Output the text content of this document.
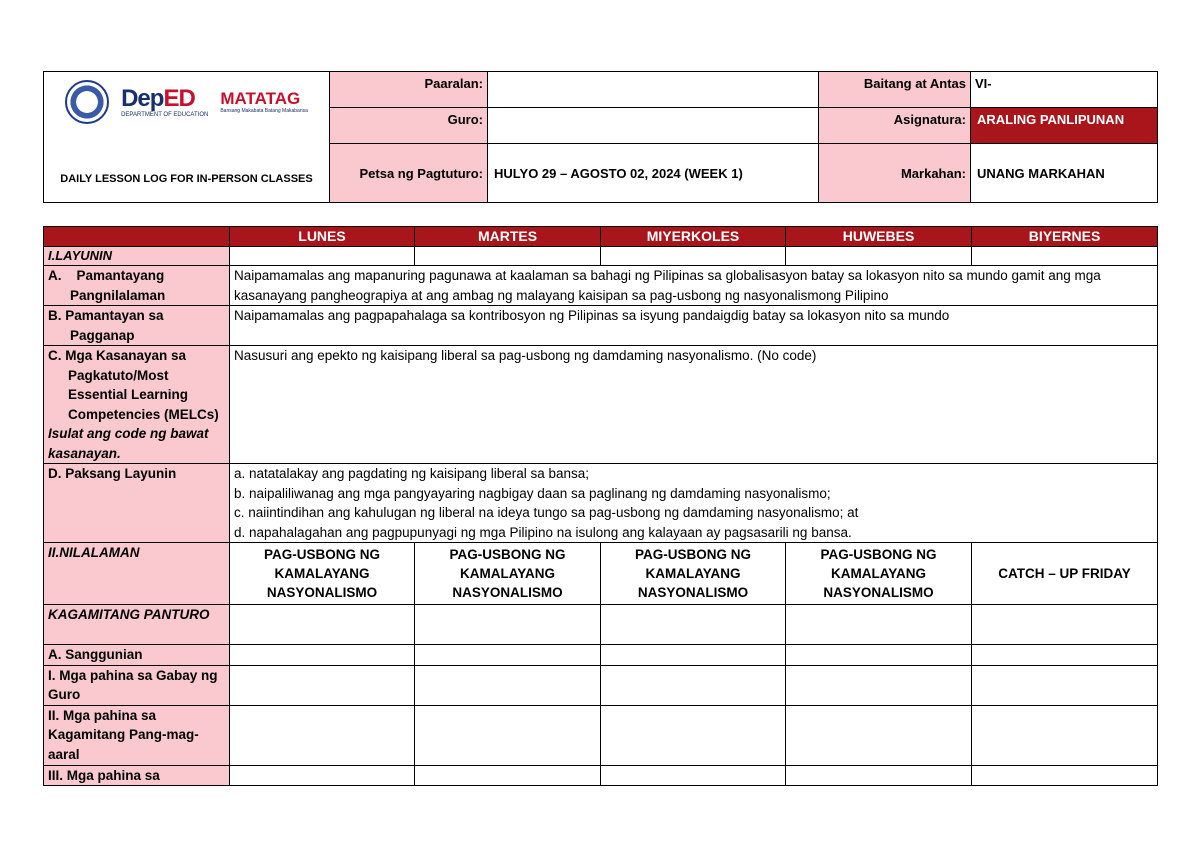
DepED
DEPARTMENT OF EDUCATION
MATATAG
Bansang Makabata Batang Makabansa
DAILY LESSON LOG FOR IN-PERSON CLASSES	Paaralan:		Baitang at Antas	VI-
	Guro:		Asignatura:	ARALING PANLIPUNAN
	Petsa ng Pagtuturo:	HULYO 29 – AGOSTO 02, 2024 (WEEK 1)	Markahan:	UNANG MARKAHAN
	LUNES	MARTES	MIYERKOLES	HUWEBES	BIYERNES
I.LAYUNIN					

A. Pamantayang
Pangnilalaman	Naipamamalas ang mapanuring pagunawa at kaalaman sa bahagi ng Pilipinas sa globalisasyon batay sa lokasyon nito sa mundo gamit ang mga kasanayang pangheograpiya at ang ambag ng malayang kaisipan sa pag-usbong ng nasyonalismong Pilipino				

B. Pamantayan sa
Pagganap	Naipamamalas ang pagpapahalaga sa kontribosyon ng Pilipinas sa isyung pandaigdig batay sa lokasyon nito sa mundo				

C. Mga Kasanayan sa
Pagkatuto/Most
Essential Learning
Competencies (MELCs)
Isulat ang code ng bawat kasanayan.	Nasusuri ang epekto ng kaisipang liberal sa pag-usbong ng damdaming nasyonalismo. (No code)				
D. Paksang Layunin	a. natatalakay ang pagdating ng kaisipang liberal sa bansa;
b. naipaliliwanag ang mga pangyayaring nagbigay daan sa paglinang ng damdaming nasyonalismo;
c. naiintindihan ang kahulugan ng liberal na ideya tungo sa pag-usbong ng damdaming nasyonalismo; at
d. napahalagahan ang pagpupunyagi ng mga Pilipino na isulong ang kalayaan ay pagsasarili ng bansa.				

II.NILALAMAN	PAG-USBONG NG KAMALAYANG NASYONALISMO	PAG-USBONG NG KAMALAYANG NASYONALISMO	PAG-USBONG NG KAMALAYANG NASYONALISMO	PAG-USBONG NG KAMALAYANG NASYONALISMO	CATCH – UP FRIDAY
KAGAMITANG PANTURO					
A. Sanggunian					
I. Mga pahina sa Gabay ng Guro					
II. Mga pahina sa Kagamitang Pang-mag-aaral					
III. Mga pahina sa					
